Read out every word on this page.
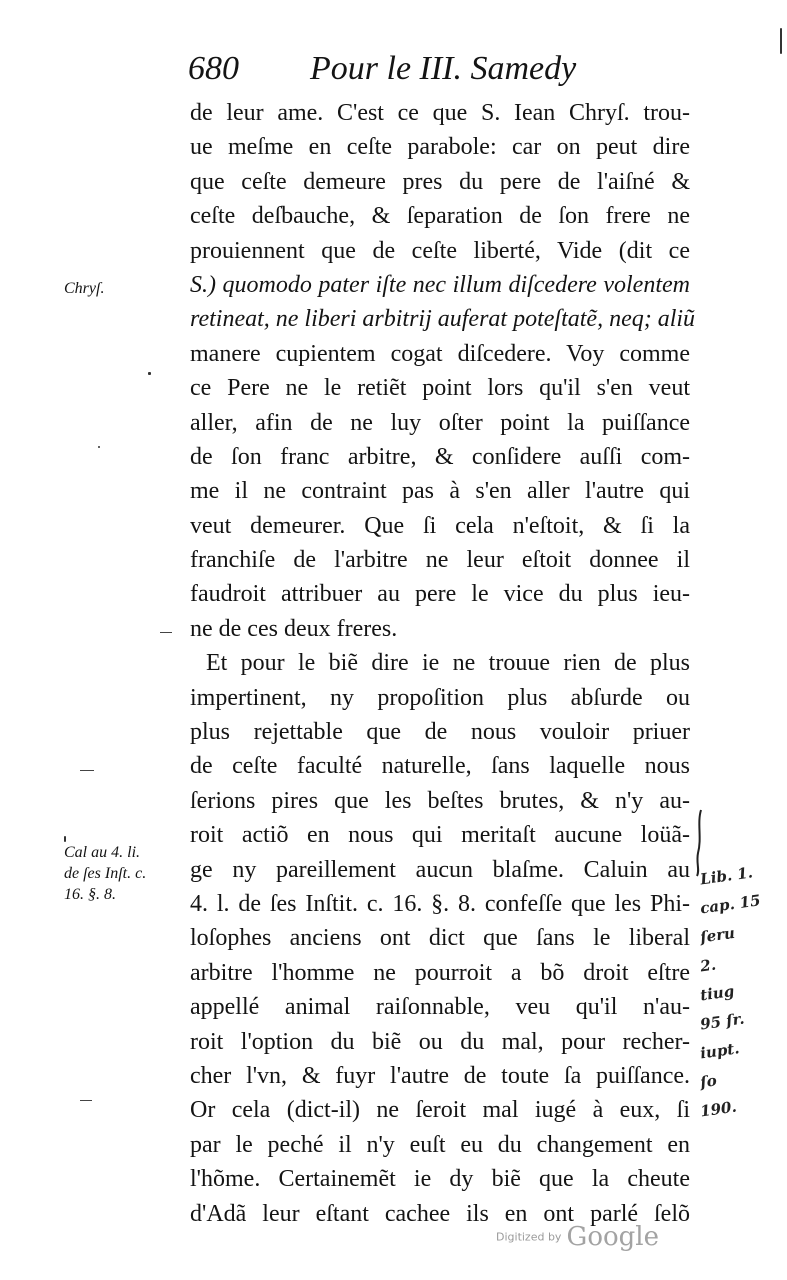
680 Pour le III. Samedy
de leur ame. C'est ce que S. Iean Chryſ. trou-
ue meſme en ceſte parabole: car on peut dire
que ceſte demeure pres du pere de l'aiſné &
ceſte deſbauche, & ſeparation de ſon frere ne
prouiennent que de ceſte liberté, Vide (dit ce
S.) quomodo pater iſte nec illum diſcedere volentem
retineat, ne liberi arbitrij auferat poteſtatẽ, neq; aliũ
manere cupientem cogat diſcedere. Voy comme
ce Pere ne le retiẽt point lors qu'il s'en veut
aller, afin de ne luy oſter point la puiſſance
de ſon franc arbitre, & conſidere auſſi com-
me il ne contraint pas à s'en aller l'autre qui
veut demeurer. Que ſi cela n'eſtoit, & ſi la
franchiſe de l'arbitre ne leur eſtoit donnee il
faudroit attribuer au pere le vice du plus ieu-
ne de ces deux freres.
Et pour le biẽ dire ie ne trouue rien de plus
impertinent, ny propoſition plus abſurde ou
plus rejettable que de nous vouloir priuer
de ceſte faculté naturelle, ſans laquelle nous
ſerions pires que les beſtes brutes, & n'y au-
roit actiõ en nous qui meritaſt aucune loüã-
ge ny pareillement aucun blaſme. Caluin au
4. l. de ſes Inſtit. c. 16. §. 8. confeſſe que les Phi-
loſophes anciens ont dict que ſans le liberal
arbitre l'homme ne pourroit a bõ droit eſtre
appellé animal raiſonnable, veu qu'il n'au-
roit l'option du biẽ ou du mal, pour recher-
cher l'vn, & fuyr l'autre de toute ſa puiſſance.
Or cela (dict-il) ne ſeroit mal iugé à eux, ſi
par le peché il n'y euſt eu du changement en
l'hõme. Certainemẽt ie dy biẽ que la cheute
d'Adã leur eſtant cachee ils en ont parlé ſelõ
Chryſ.
Cal au 4. li.
de ſes Inſt. c.
16. §. 8.
Lib. 1.
cap. 15
ſeru
2.
tiug
95 ſr.
iupt.
ſo
190.
Digitized by Google
